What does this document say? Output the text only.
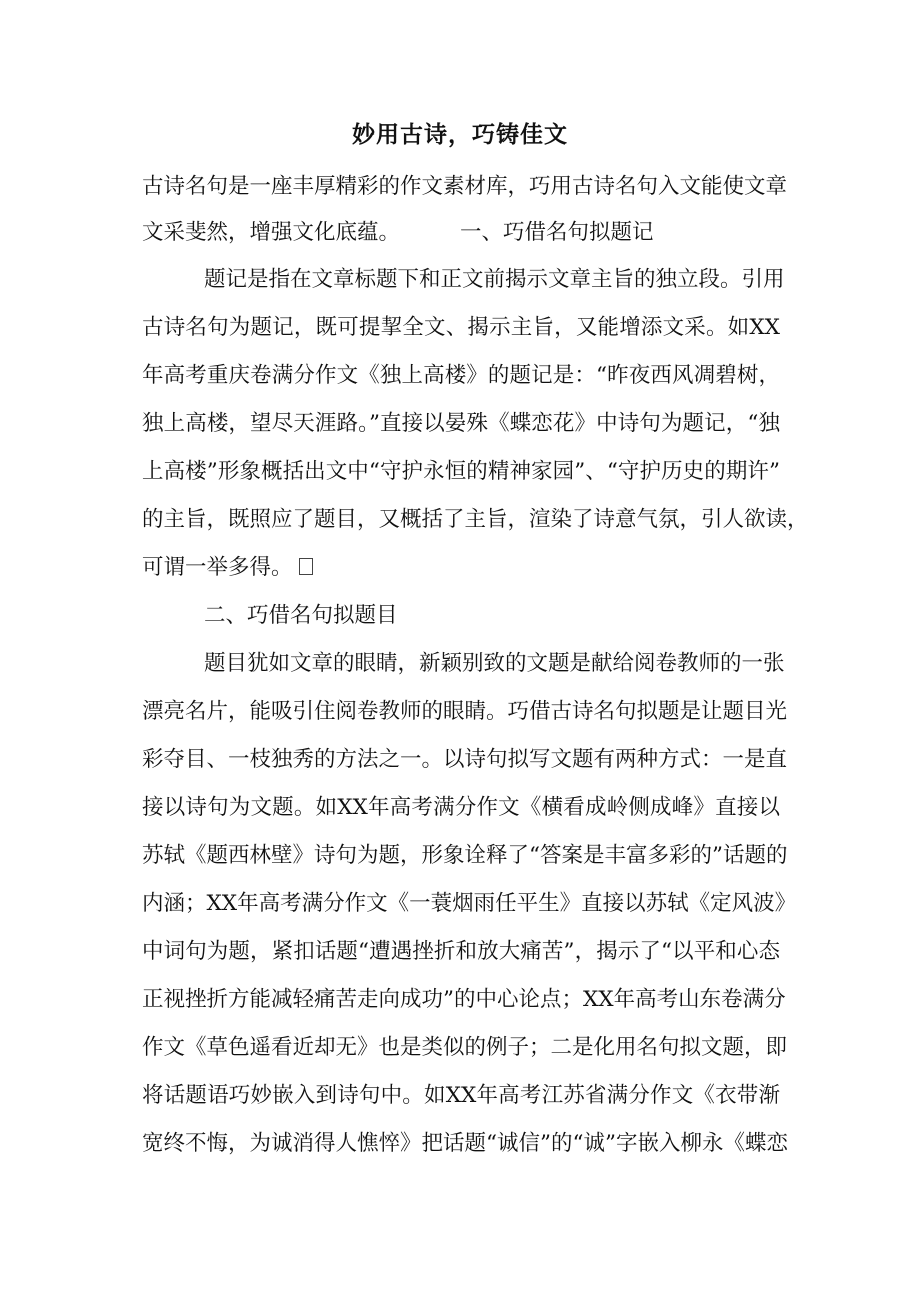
妙用古诗，巧铸佳文
古诗名句是一座丰厚精彩的作文素材库，巧用古诗名句入文能使文章
文采斐然，增强文化底蕴。	一、巧借名句拟题记
题记是指在文章标题下和正文前揭示文章主旨的独立段。引用
古诗名句为题记，既可提挈全文、揭示主旨，又能增添文采。如XX
年高考重庆卷满分作文《独上高楼》的题记是：“昨夜西风凋碧树，
独上高楼，望尽天涯路。”直接以晏殊《蝶恋花》中诗句为题记，“独
上高楼”形象概括出文中“守护永恒的精神家园”、“守护历史的期许”
的主旨，既照应了题目，又概括了主旨，渲染了诗意气氛，引人欲读，
可谓一举多得。
二、巧借名句拟题目
题目犹如文章的眼睛，新颖别致的文题是献给阅卷教师的一张
漂亮名片，能吸引住阅卷教师的眼睛。巧借古诗名句拟题是让题目光
彩夺目、一枝独秀的方法之一。以诗句拟写文题有两种方式：一是直
接以诗句为文题。如XX年高考满分作文《横看成岭侧成峰》直接以
苏轼《题西林壁》诗句为题，形象诠释了“答案是丰富多彩的”话题的
内涵；XX年高考满分作文《一蓑烟雨任平生》直接以苏轼《定风波》
中词句为题，紧扣话题“遭遇挫折和放大痛苦”，揭示了“以平和心态
正视挫折方能减轻痛苦走向成功”的中心论点；XX年高考山东卷满分
作文《草色遥看近却无》也是类似的例子；二是化用名句拟文题，即
将话题语巧妙嵌入到诗句中。如XX年高考江苏省满分作文《衣带渐
宽终不悔，为诚消得人憔悴》把话题“诚信”的“诚”字嵌入柳永《蝶恋
